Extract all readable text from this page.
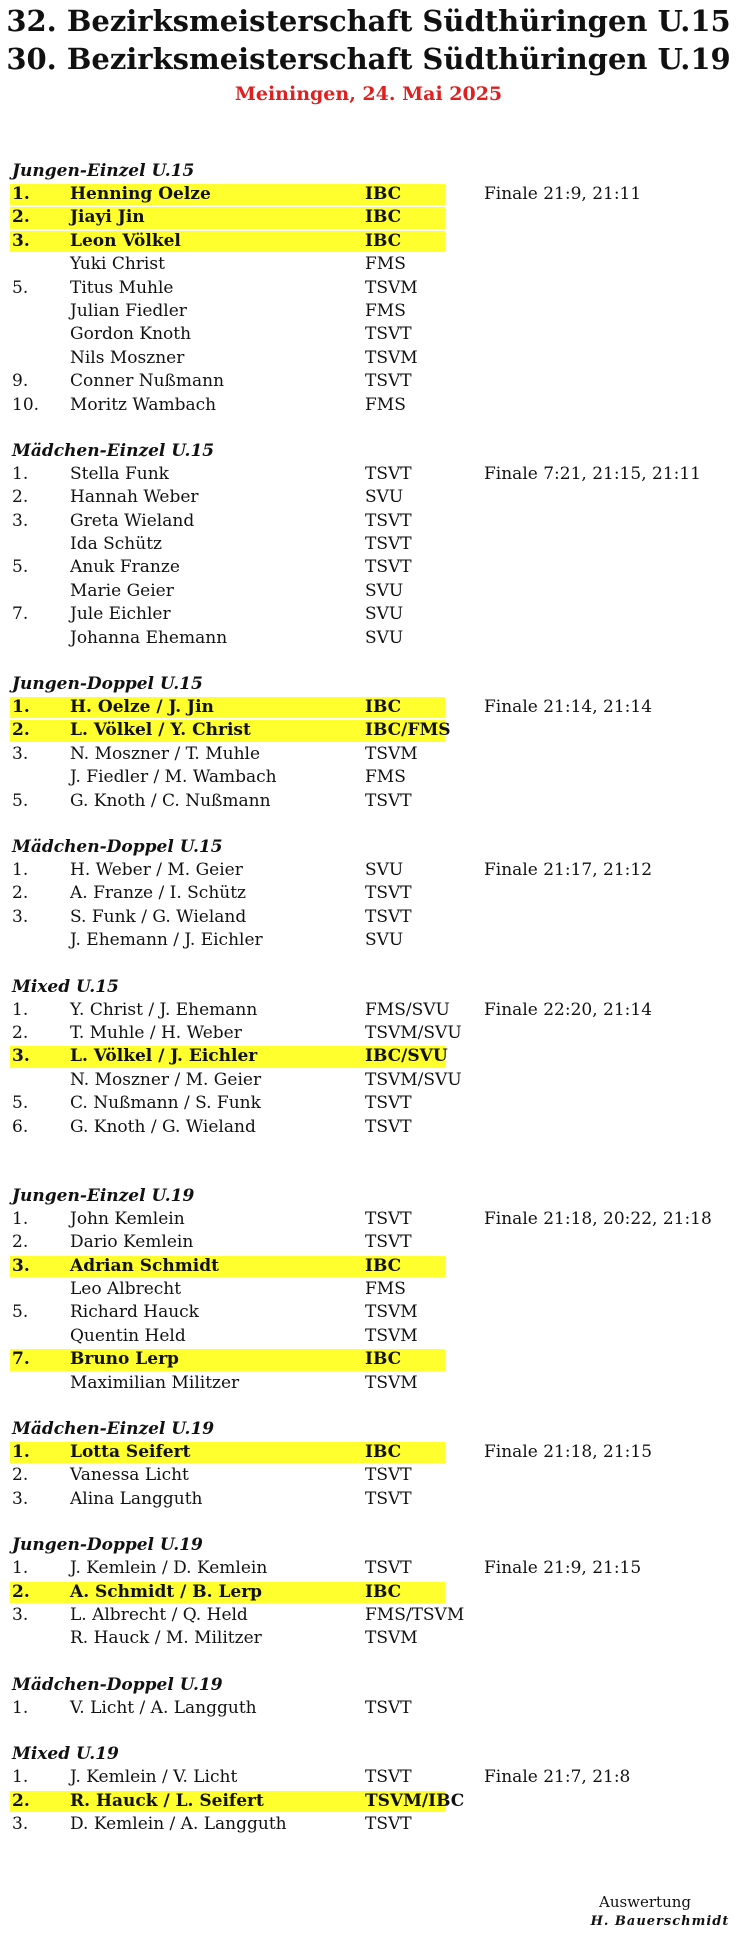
32. Bezirksmeisterschaft Südthüringen U.15
30. Bezirksmeisterschaft Südthüringen U.19
Meiningen, 24. Mai 2025
Jungen-Einzel U.15
1. Henning Oelze	IBC	Finale 21:9, 21:11
2. Jiayi Jin	IBC
3. Leon Völkel	IBC
Yuki Christ	FMS
5. Titus Muhle	TSVM
Julian Fiedler	FMS
Gordon Knoth	TSVT
Nils Moszner	TSVM
9. Conner Nußmann	TSVT
10. Moritz Wambach	FMS
Mädchen-Einzel U.15
1. Stella Funk	TSVT	Finale 7:21, 21:15, 21:11
2. Hannah Weber	SVU
3. Greta Wieland	TSVT
Ida Schütz	TSVT
5. Anuk Franze	TSVT
Marie Geier	SVU
7. Jule Eichler	SVU
Johanna Ehemann	SVU
Jungen-Doppel U.15
1. H. Oelze / J. Jin	IBC	Finale 21:14, 21:14
2. L. Völkel / Y. Christ	IBC/FMS
3. N. Moszner / T. Muhle	TSVM
J. Fiedler / M. Wambach	FMS
5. G. Knoth / C. Nußmann	TSVT
Mädchen-Doppel U.15
1. H. Weber / M. Geier	SVU	Finale 21:17, 21:12
2. A. Franze / I. Schütz	TSVT
3. S. Funk / G. Wieland	TSVT
J. Ehemann / J. Eichler	SVU
Mixed U.15
1. Y. Christ / J. Ehemann	FMS/SVU Finale 22:20, 21:14
2. T. Muhle / H. Weber	TSVM/SVU
3. L. Völkel / J. Eichler	IBC/SVU
N. Moszner / M. Geier	TSVM/SVU
5. C. Nußmann / S. Funk	TSVT
6. G. Knoth / G. Wieland	TSVT
Jungen-Einzel U.19
1. John Kemlein	TSVT	Finale 21:18, 20:22, 21:18
2. Dario Kemlein	TSVT
3. Adrian Schmidt	IBC
Leo Albrecht	FMS
5. Richard Hauck	TSVM
Quentin Held	TSVM
7. Bruno Lerp	IBC
Maximilian Militzer	TSVM
Mädchen-Einzel U.19
1. Lotta Seifert	IBC	Finale 21:18, 21:15
2. Vanessa Licht	TSVT
3. Alina Langguth	TSVT
Jungen-Doppel U.19
1. J. Kemlein / D. Kemlein	TSVT	Finale 21:9, 21:15
2. A. Schmidt / B. Lerp	IBC
3. L. Albrecht / Q. Held	FMS/TSVM
R. Hauck / M. Militzer	TSVM
Mädchen-Doppel U.19
1. V. Licht / A. Langguth	TSVT
Mixed U.19
1. J. Kemlein / V. Licht	TSVT	Finale 21:7, 21:8
2. R. Hauck / L. Seifert	TSVM/IBC
3. D. Kemlein / A. Langguth	TSVT
Auswertung
H. Bauerschmidt
